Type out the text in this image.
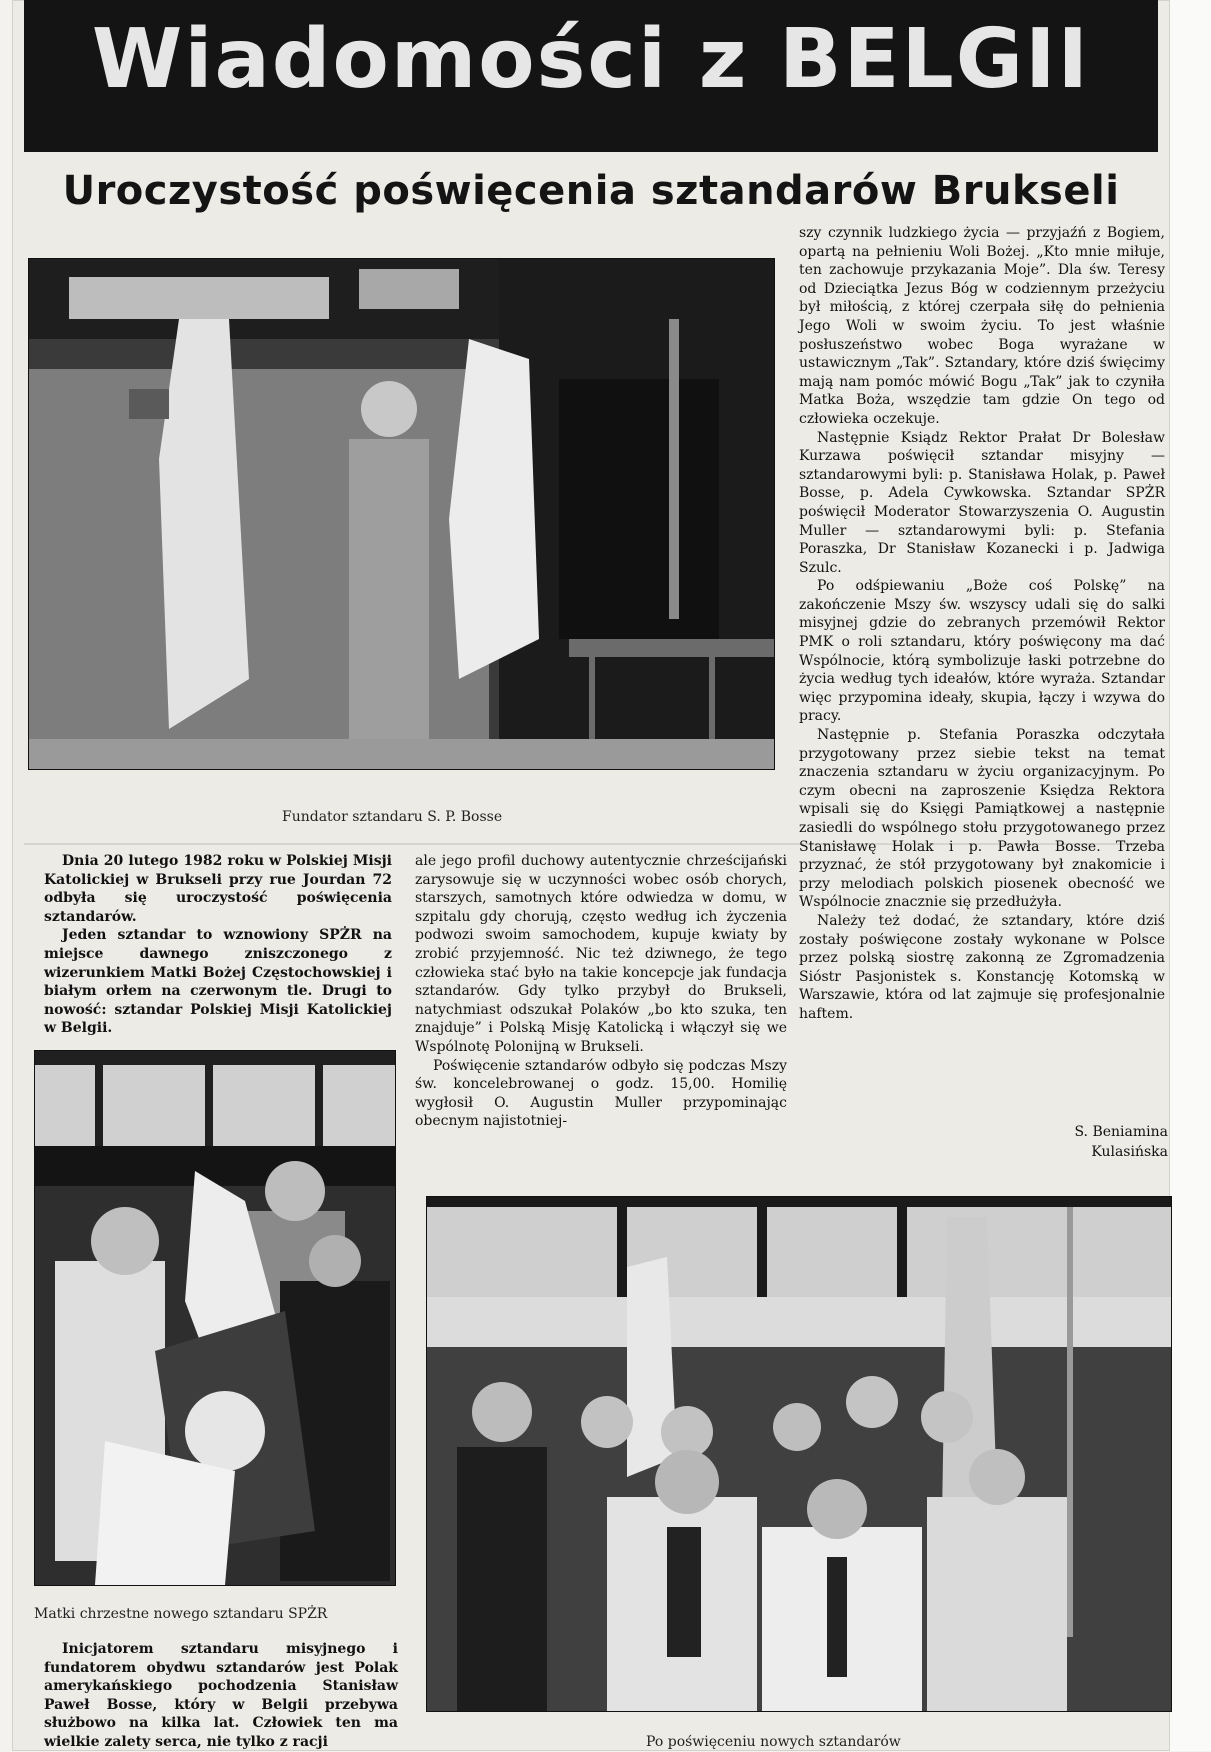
Wiadomości z BELGII
Uroczystość poświęcenia sztandarów Brukseli
Fundator sztandaru S. P. Bosse

szy czynnik ludzkiego życia — przyjaźń z Bogiem, opartą na pełnieniu Woli Bożej. „Kto mnie miłuje, ten zachowuje przykazania Moje”. Dla św. Teresy od Dzieciątka Jezus Bóg w codziennym przeżyciu był miłością, z której czerpała siłę do pełnienia Jego Woli w swoim życiu. To jest właśnie posłuszeństwo wobec Boga wyrażane w ustawicznym „Tak”. Sztandary, które dziś święcimy mają nam pomóc mówić Bogu „Tak” jak to czyniła Matka Boża, wszędzie tam gdzie On tego od człowieka oczekuje.

Następnie Ksiądz Rektor Prałat Dr Bolesław Kurzawa poświęcił sztandar misyjny — sztandarowymi byli: p. Stanisława Holak, p. Paweł Bosse, p. Adela Cywkowska. Sztandar SPŻR poświęcił Moderator Stowarzyszenia O. Augustin Muller — sztandarowymi byli: p. Stefania Poraszka, Dr Stanisław Kozanecki i p. Jadwiga Szulc.

Po odśpiewaniu „Boże coś Polskę” na zakończenie Mszy św. wszyscy udali się do salki misyjnej gdzie do zebranych przemówił Rektor PMK o roli sztandaru, który poświęcony ma dać Wspólnocie, którą symbolizuje łaski potrzebne do życia według tych ideałów, które wyraża. Sztandar więc przypomina ideały, skupia, łączy i wzywa do pracy.

Następnie p. Stefania Poraszka odczytała przygotowany przez siebie tekst na temat znaczenia sztandaru w życiu organizacyjnym. Po czym obecni na zaproszenie Księdza Rektora wpisali się do Księgi Pamiątkowej a następnie zasiedli do wspólnego stołu przygotowanego przez Stanisławę Holak i p. Pawła Bosse. Trzeba przyznać, że stół przygotowany był znakomicie i przy melodiach polskich piosenek obecność we Wspólnocie znacznie się przedłużyła.

Należy też dodać, że sztandary, które dziś zostały poświęcone zostały wykonane w Polsce przez polską siostrę zakonną ze Zgromadzenia Sióstr Pasjonistek s. Konstancję Kotomską w Warszawie, która od lat zajmuje się profesjonalnie haftem.

S. Beniamina
Kulasińska

Dnia 20 lutego 1982 roku w Polskiej Misji Katolickiej w Brukseli przy rue Jourdan 72 odbyła się uroczystość poświęcenia sztandarów.

Jeden sztandar to wznowiony SPŻR na miejsce dawnego zniszczonego z wizerunkiem Matki Bożej Częstochowskiej i białym orłem na czerwonym tle. Drugi to nowość: sztandar Polskiej Misji Katolickiej w Belgii.

ale jego profil duchowy autentycznie chrześcijański zarysowuje się w uczynności wobec osób chorych, starszych, samotnych które odwiedza w domu, w szpitalu gdy chorują, często według ich życzenia podwozi swoim samochodem, kupuje kwiaty by zrobić przyjemność. Nic też dziwnego, że tego człowieka stać było na takie koncepcje jak fundacja sztandarów. Gdy tylko przybył do Brukseli, natychmiast odszukał Polaków „bo kto szuka, ten znajduje” i Polską Misję Katolicką i włączył się we Wspólnotę Polonijną w Brukseli.

Poświęcenie sztandarów odbyło się podczas Mszy św. koncelebrowanej o godz. 15,00. Homilię wygłosił O. Augustin Muller przypominając obecnym najistotniej-

Matki chrzestne nowego sztandaru SPŻR

Inicjatorem sztandaru misyjnego i fundatorem obydwu sztandarów jest Polak amerykańskiego pochodzenia Stanisław Paweł Bosse, który w Belgii przebywa służbowo na kilka lat. Człowiek ten ma wielkie zalety serca, nie tylko z racji	Po poświęceniu nowych sztandarów
